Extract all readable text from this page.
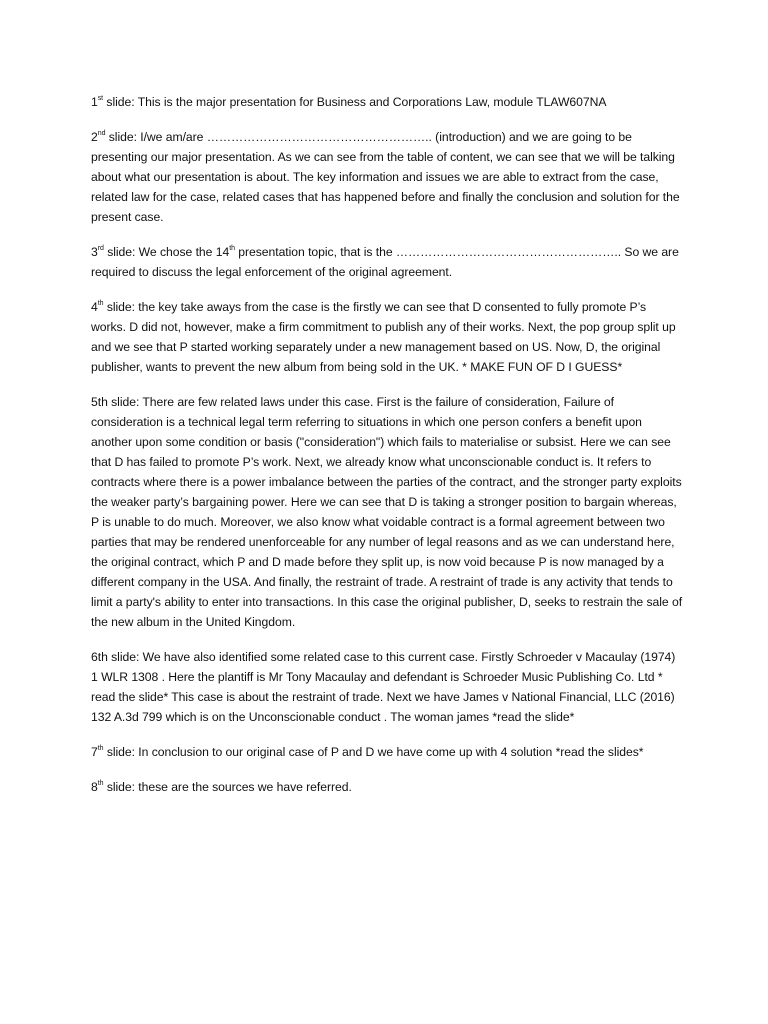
1st slide: This is the major presentation for Business and Corporations Law, module TLAW607NA

2nd slide: I/we am/are ……………………………………………….. (introduction) and we are going to be presenting our major presentation. As we can see from the table of content, we can see that we will be talking about what our presentation is about. The key information and issues we are able to extract from the case, related law for the case, related cases that has happened before and finally the conclusion and solution for the present case.

3rd slide: We chose the 14th presentation topic, that is the ……………………………………………….. So we are required to discuss the legal enforcement of the original agreement.

4th slide: the key take aways from the case is the firstly we can see that D consented to fully promote P’s works. D did not, however, make a firm commitment to publish any of their works. Next, the pop group split up and we see that P started working separately under a new management based on US. Now, D, the original publisher, wants to prevent the new album from being sold in the UK. * MAKE FUN OF D I GUESS*

5th slide: There are few related laws under this case. First is the failure of consideration, Failure of consideration is a technical legal term referring to situations in which one person confers a benefit upon another upon some condition or basis ("consideration") which fails to materialise or subsist. Here we can see that D has failed to promote P’s work. Next, we already know what unconscionable conduct is. It refers to contracts where there is a power imbalance between the parties of the contract, and the stronger party exploits the weaker party’s bargaining power. Here we can see that D is taking a stronger position to bargain whereas, P is unable to do much. Moreover, we also know what voidable contract is a formal agreement between two parties that may be rendered unenforceable for any number of legal reasons and as we can understand here, the original contract, which P and D made before they split up, is now void because P is now managed by a different company in the USA. And finally, the restraint of trade. A restraint of trade is any activity that tends to limit a party's ability to enter into transactions. In this case the original publisher, D, seeks to restrain the sale of the new album in the United Kingdom.

6th slide: We have also identified some related case to this current case. Firstly Schroeder v Macaulay (1974) 1 WLR 1308 . Here the plantiff is Mr Tony Macaulay and defendant is Schroeder Music Publishing Co. Ltd * read the slide* This case is about the restraint of trade. Next we have James v National Financial, LLC (2016) 132 A.3d 799 which is on the Unconscionable conduct . The woman james *read the slide*

7th slide: In conclusion to our original case of P and D we have come up with 4 solution *read the slides*

8th slide: these are the sources we have referred.
